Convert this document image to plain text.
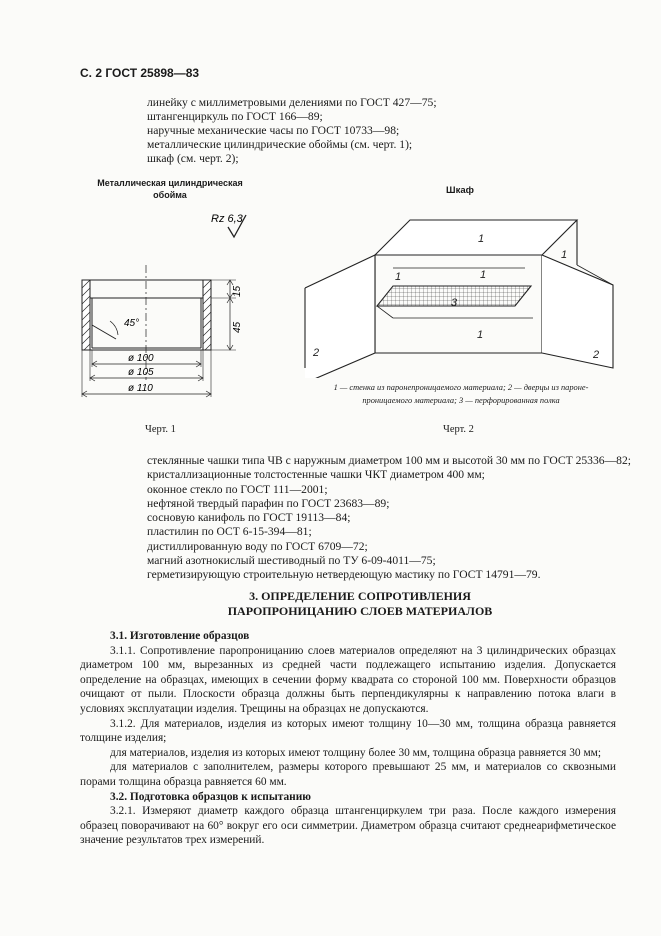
С. 2 ГОСТ 25898—83
линейку с миллиметровыми делениями по ГОСТ 427—75;
штангенциркуль по ГОСТ 166—89;
наручные механические часы по ГОСТ 10733—98;
металлические цилиндрические обоймы (см. черт. 1);
шкаф (см. черт. 2);
Металлическая цилиндрическая
обойма
Rz 6,3
45°
15
45
ø 100
ø 105
ø 110
Черт. 1
Шкаф
1
1
1
1
3
1
2	2
1 — стенка из паронепроницаемого материала; 2 — дверцы из пароне-
проницаемого материала; 3 — перфорированная полка
Черт. 2
стеклянные чашки типа ЧВ с наружным диаметром 100 мм и высотой 30 мм по ГОСТ 25336—82;
кристаллизационные толстостенные чашки ЧКТ диаметром 400 мм;
оконное стекло по ГОСТ 111—2001;
нефтяной твердый парафин по ГОСТ 23683—89;
сосновую канифоль по ГОСТ 19113—84;
пластилин по ОСТ 6-15-394—81;
дистиллированную воду по ГОСТ 6709—72;
магний азотнокислый шестиводный по ТУ 6-09-4011—75;
герметизирующую строительную нетвердеющую мастику по ГОСТ 14791—79.
3. ОПРЕДЕЛЕНИЕ СОПРОТИВЛЕНИЯ
ПАРОПРОНИЦАНИЮ СЛОЕВ МАТЕРИАЛОВ

3.1. Изготовление образцов

3.1.1. Сопротивление паропроницанию слоев материалов определяют на 3 цилиндрических образцах диаметром 100 мм, вырезанных из средней части подлежащего испытанию изделия. Допускается определение на образцах, имеющих в сечении форму квадрата со стороной 100 мм. Поверхности образцов очищают от пыли. Плоскости образца должны быть перпендикулярны к направлению потока влаги в условиях эксплуатации изделия. Трещины на образцах не допускаются.

3.1.2. Для материалов, изделия из которых имеют толщину 10—30 мм, толщина образца равняется толщине изделия;

для материалов, изделия из которых имеют толщину более 30 мм, толщина образца равняется 30 мм;

для материалов с заполнителем, размеры которого превышают 25 мм, и материалов со сквозными порами толщина образца равняется 60 мм.

3.2. Подготовка образцов к испытанию

3.2.1. Измеряют диаметр каждого образца штангенциркулем три раза. После каждого измерения образец поворачивают на 60° вокруг его оси симметрии. Диаметром образца считают среднеарифметическое значение результатов трех измерений.
